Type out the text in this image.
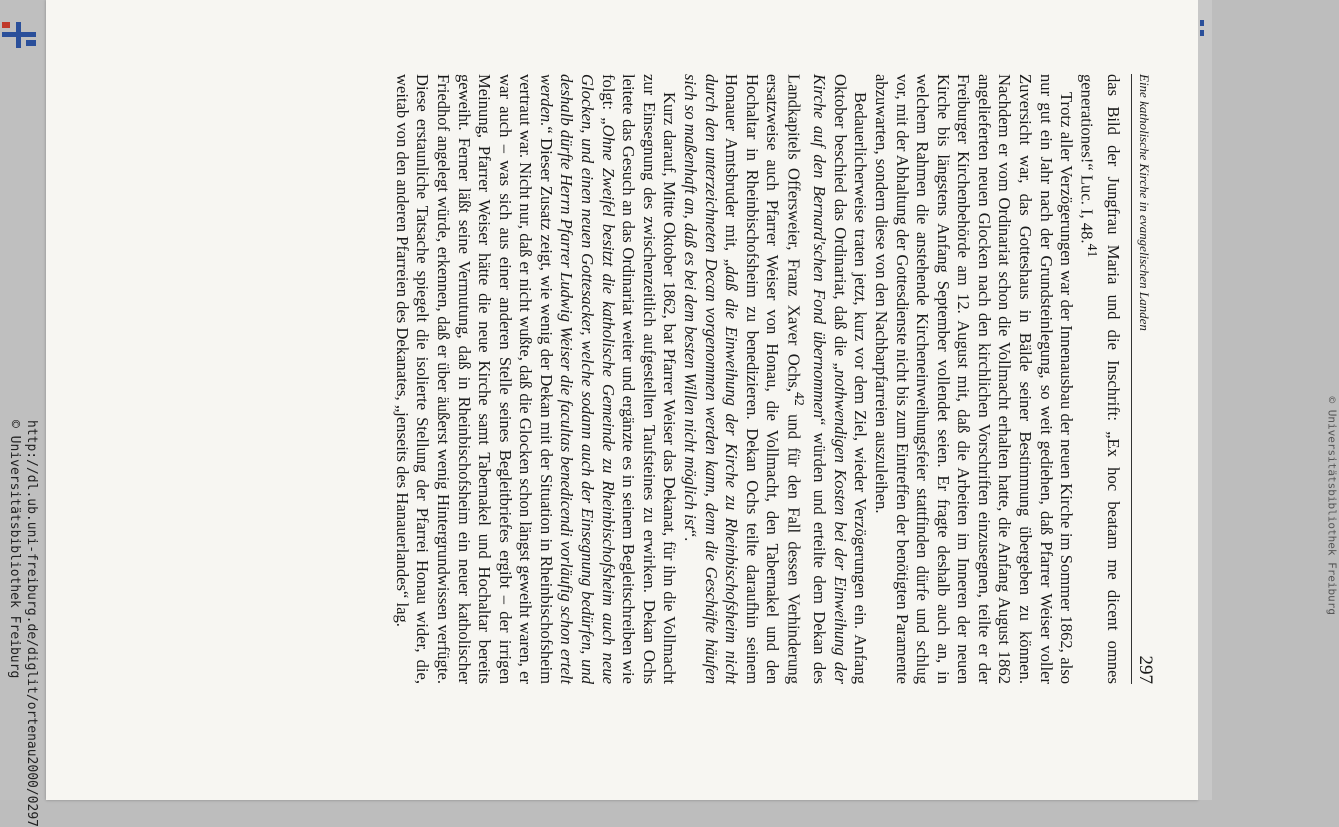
http://dl.ub.uni-freiburg.de/diglit/ortenau2000/0297
© Universitätsbibliothek Freiburg
Eine katholische Kirche in evangelischen Landen
297

das Bild der Jungfrau Maria und die Inschrift: „Ex hoc beatam me dicent omnes generationes!“ Luc. I, 48.41

Trotz aller Verzögerungen war der Innenausbau der neuen Kirche im Sommer 1862, also nur gut ein Jahr nach der Grundsteinlegung, so weit gediehen, daß Pfarrer Weiser voller Zuversicht war, das Gotteshaus in Bälde seiner Bestimmung übergeben zu können. Nachdem er vom Ordinariat schon die Vollmacht erhalten hatte, die Anfang August 1862 angelieferten neuen Glocken nach den kirchlichen Vorschriften einzusegnen, teilte er der Freiburger Kirchenbehörde am 12. August mit, daß die Arbeiten im Inneren der neuen Kirche bis längstens Anfang September vollendet seien. Er fragte deshalb auch an, in welchem Rahmen die anstehende Kircheneinweihungsfeier stattfinden dürfe und schlug vor, mit der Abhaltung der Gottesdienste nicht bis zum Eintreffen der benötigten Paramente abzuwarten, sondern diese von den Nachbarpfarreien auszuleihen.

Bedauerlicherweise traten jetzt, kurz vor dem Ziel, wieder Verzögerungen ein. Anfang Oktober beschied das Ordinariat, daß die „nothwendigen Kosten bei der Einweihung der Kirche auf den Bernard'schen Fond übernommen“ würden und erteilte dem Dekan des Landkapitels Offersweier, Franz Xaver Ochs,$^{42}$ und für den Fall dessen Verhinderung ersatzweise auch Pfarrer Weiser von Honau, die Vollmacht, den Tabernakel und den Hochaltar in Rheinbischofsheim zu benedizieren. Dekan Ochs teilte daraufhin seinem Honauer Amtsbruder mit, „daß die Einweihung der Kirche zu Rheinbischofsheim nicht durch den unterzeichneten Decan vorgenommen werden kann, denn die Geschäfte häufen sich so maßenhaft an, daß es bei dem besten Willen nicht möglich ist“.

Kurz darauf, Mitte Oktober 1862, bat Pfarrer Weiser das Dekanat, für ihn die Vollmacht zur Einsegnung des zwischenzeitlich aufgestellten Taufsteines zu erwirken. Dekan Ochs leitete das Gesuch an das Ordinariat weiter und ergänzte es in seinem Begleitschreiben wie folgt: „Ohne Zweifel besitzt die katholische Gemeinde zu Rheinbischofsheim auch neue Glocken, und einen neuen Gottesacker, welche sodann auch der Einsegnung bedürfen, und deshalb dürfte Herrn Pfarrer Ludwig Weiser die facultas benedicendi vorläufig schon ertelt werden.“ Dieser Zusatz zeigt, wie wenig der Dekan mit der Situation in Rheinbischofsheim vertraut war. Nicht nur, daß er nicht wußte, daß die Glocken schon längst geweiht waren, er war auch – was sich aus einer anderen Stelle seines Begleitbriefes ergibt – der irrigen Meinung, Pfarrer Weiser hätte die neue Kirche samt Tabernakel und Hochaltar bereits geweiht. Ferner läßt seine Vermutung, daß in Rheinbischofsheim ein neuer katholischer Friedhof angelegt würde, erkennen, daß er über äußerst wenig Hintergrundwissen verfügte. Diese erstaunliche Tatsache spiegelt die isolierte Stellung der Pfarrei Honau wider, die, weitab von den anderen Pfarreien des Dekanates, „jenseits des Hanauerlandes“ lag.	© Universitätsbibliothek Freiburg
